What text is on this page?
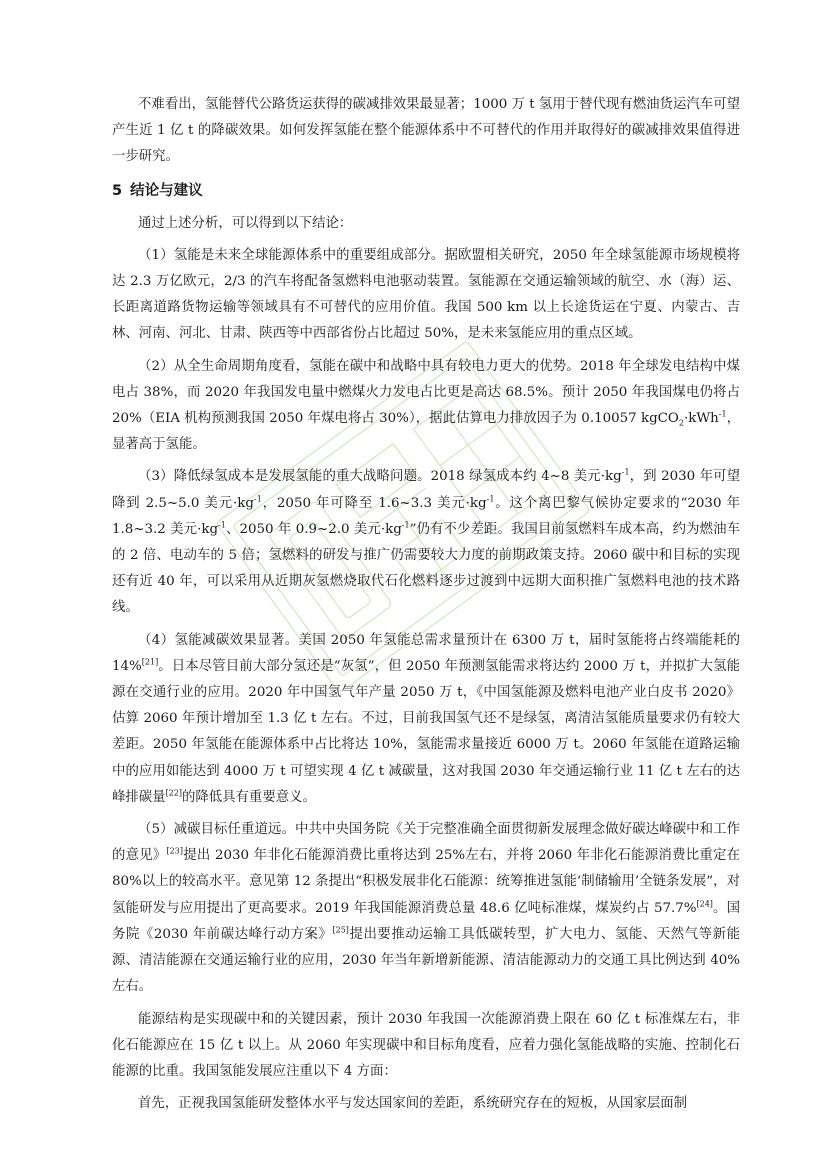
不难看出，氢能替代公路货运获得的碳减排效果最显著；1000 万 t 氢用于替代现有燃油货运汽车可望产生近 1 亿 t 的降碳效果。如何发挥氢能在整个能源体系中不可替代的作用并取得好的碳减排效果值得进一步研究。

5 结论与建议

通过上述分析，可以得到以下结论：

（1）氢能是未来全球能源体系中的重要组成部分。据欧盟相关研究，2050 年全球氢能源市场规模将达 2.3 万亿欧元，2/3 的汽车将配备氢燃料电池驱动装置。氢能源在交通运输领域的航空、水（海）运、长距离道路货物运输等领域具有不可替代的应用价值。我国 500 km 以上长途货运在宁夏、内蒙古、吉林、河南、河北、甘肃、陕西等中西部省份占比超过 50%，是未来氢能应用的重点区域。

（2）从全生命周期角度看，氢能在碳中和战略中具有较电力更大的优势。2018 年全球发电结构中煤电占 38%，而 2020 年我国发电量中燃煤火力发电占比更是高达 68.5%。预计 2050 年我国煤电仍将占 20%（EIA 机构预测我国 2050 年煤电将占 30%），据此估算电力排放因子为 0.10057 kgCO$_2$·kWh$^{-1}$，显著高于氢能。

（3）降低绿氢成本是发展氢能的重大战略问题。2018 绿氢成本约 4~8 美元$\cdot kg^{-1}$，到 2030 年可望降到 2.5~5.0 美元$\cdot kg^{-1}$，2050 年可降至 1.6~3.3 美元$\cdot kg^{-1}$。这个离巴黎气候协定要求的“2030 年 1.8~3.2 美元$\cdot kg^{-1}$、2050 年 0.9~2.0 美元$\cdot kg^{-1}$”仍有不少差距。我国目前氢燃料车成本高，约为燃油车的 2 倍、电动车的 5 倍；氢燃料的研发与推广仍需要较大力度的前期政策支持。2060 碳中和目标的实现还有近 40 年，可以采用从近期灰氢燃烧取代石化燃料逐步过渡到中远期大面积推广氢燃料电池的技术路线。

（4）氢能减碳效果显著。美国 2050 年氢能总需求量预计在 6300 万 t，届时氢能将占终端能耗的 14%[21]。日本尽管目前大部分氢还是“灰氢”，但 2050 年预测氢能需求将达约 2000 万 t，并拟扩大氢能源在交通行业的应用。2020 年中国氢气年产量 2050 万 t，《中国氢能源及燃料电池产业白皮书 2020》估算 2060 年预计增加至 1.3 亿 t 左右。不过，目前我国氢气还不是绿氢，离清洁氢能质量要求仍有较大差距。2050 年氢能在能源体系中占比将达 10%，氢能需求量接近 6000 万 t。2060 年氢能在道路运输中的应用如能达到 4000 万 t 可望实现 4 亿 t 减碳量，这对我国 2030 年交通运输行业 11 亿 t 左右的达峰排碳量[22]的降低具有重要意义。

（5）减碳目标任重道远。中共中央国务院《关于完整准确全面贯彻新发展理念做好碳达峰碳中和工作的意见》[23]提出 2030 年非化石能源消费比重将达到 25%左右，并将 2060 年非化石能源消费比重定在 80%以上的较高水平。意见第 12 条提出“积极发展非化石能源：统筹推进氢能‘制储输用’全链条发展”，对氢能研发与应用提出了更高要求。2019 年我国能源消费总量 48.6 亿吨标准煤，煤炭约占 57.7%[24]。国务院《2030 年前碳达峰行动方案》[25]提出要推动运输工具低碳转型，扩大电力、氢能、天然气等新能源、清洁能源在交通运输行业的应用，2030 年当年新增新能源、清洁能源动力的交通工具比例达到 40%左右。

能源结构是实现碳中和的关键因素，预计 2030 年我国一次能源消费上限在 60 亿 t 标准煤左右，非化石能源应在 15 亿 t 以上。从 2060 年实现碳中和目标角度看，应着力强化氢能战略的实施、控制化石能源的比重。我国氢能发展应注重以下 4 方面：

首先，正视我国氢能研发整体水平与发达国家间的差距，系统研究存在的短板，从国家层面制
